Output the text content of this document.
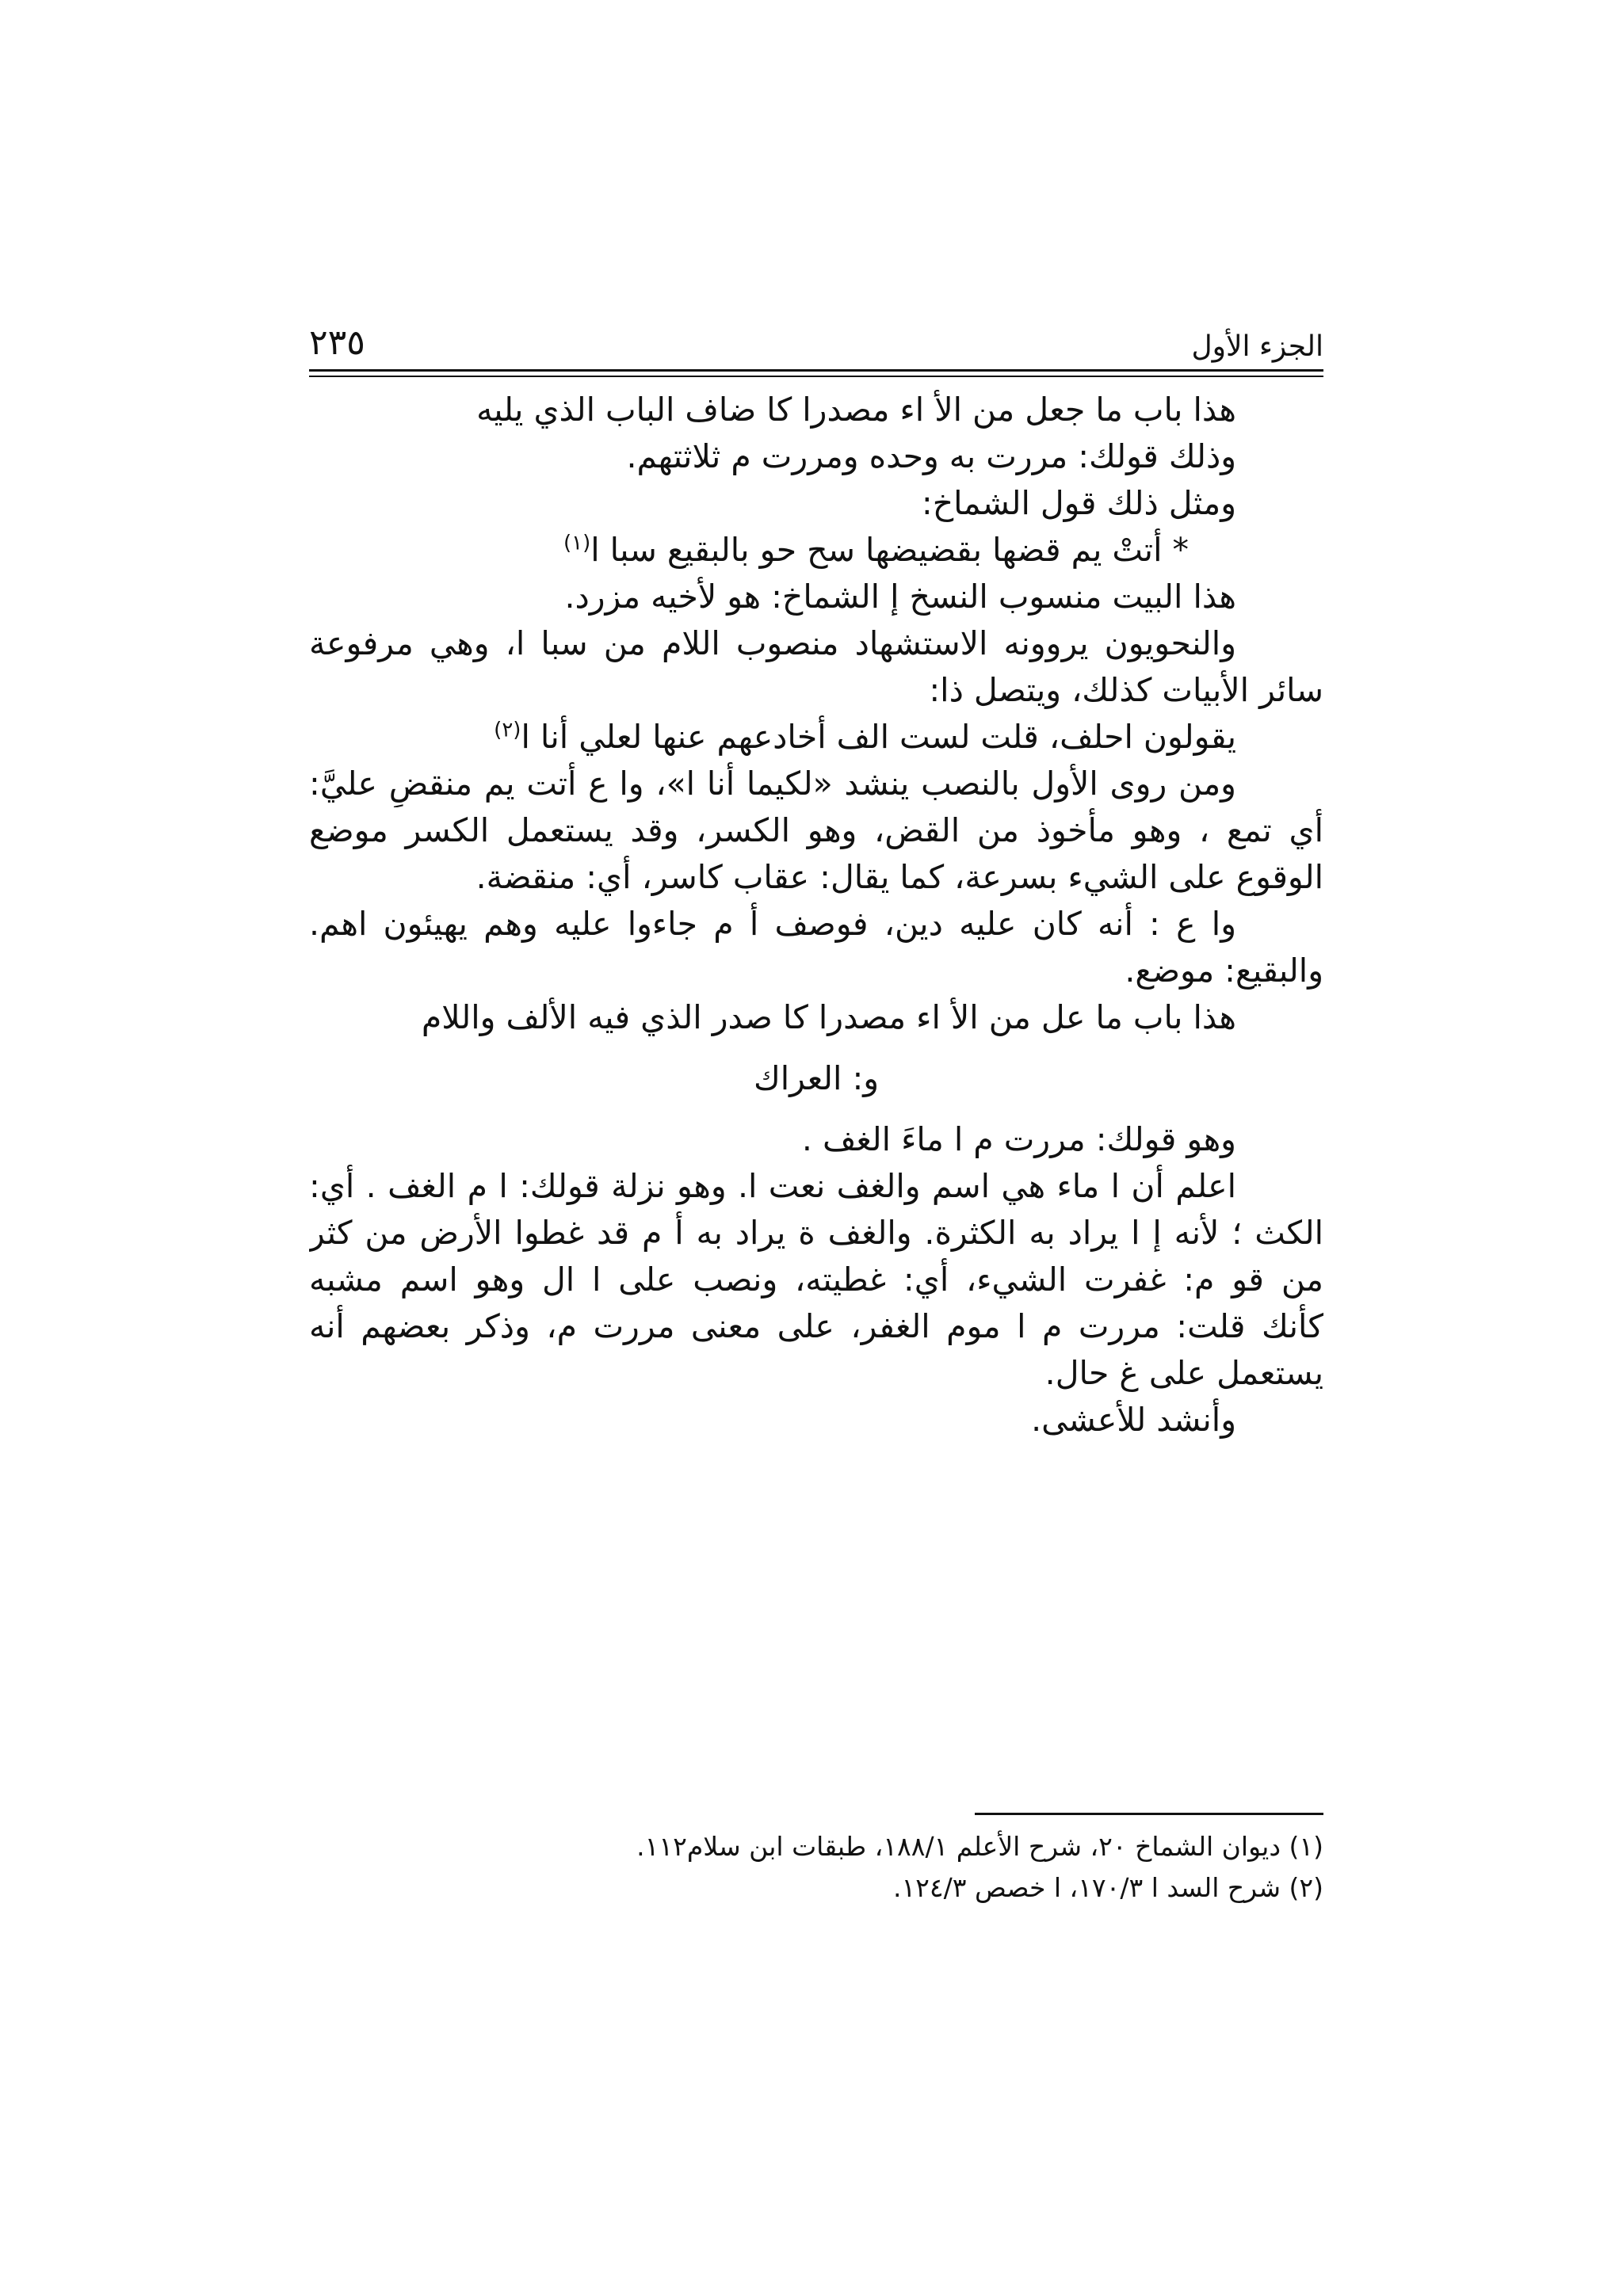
٢٣٥	الجزء الأول
هذا باب ما جعل من الأ اء مصدرا كا ضاف الباب الذي يليه
وذلك قولك: مررت به وحده ومررت م ثلاثتهم.
ومثل ذلك قول الشماخ:
* أتتْ يم قضها بقضيضها سح حو بالبقيع سبا ا$^{(١)}$
هذا البيت منسوب النسخ إ الشماخ: هو لأخيه مزرد.
والنحويون يروونه الاستشهاد منصوب اللام من سبا ا، وهي مرفوعة
سائر الأبيات كذلك، ويتصل ذا:
يقولون احلف، قلت لست الف أخادعهم عنها لعلي أنا ا$^{(٢)}$
ومن روى الأول بالنصب ينشد «لكيما أنا ا»، وا ع أتت يم منقضٍ عليَّ:
أي تمع ، وهو مأخوذ من القض، وهو الكسر، وقد يستعمل الكسر موضع
الوقوع على الشيء بسرعة، كما يقال: عقاب كاسر، أي: منقضة.
وا ع : أنه كان عليه دين، فوصف أ م جاءوا عليه وهم يهيئون اهم.
والبقيع: موضع.
هذا باب ما عل من الأ اء مصدرا كا صدر الذي فيه الألف واللام
و: العراك
وهو قولك: مررت م ا ماءَ الغف .
اعلم أن ا ماء هي اسم والغف نعت ا. وهو نزلة قولك: ا م الغف . أي:
الكث ؛ لأنه إ ا يراد به الكثرة. والغف ة يراد به أ م قد غطوا الأرض من كثر
من قو م: غفرت الشيء، أي: غطيته، ونصب على ا ال وهو اسم مشبه
كأنك قلت: مررت م ا موم الغفر، على معنى مررت م، وذكر بعضهم أنه
يستعمل على غ حال.
وأنشد للأعشى.
(١) ديوان الشماخ ٢٠، شرح الأعلم ١٨٨/١، طبقات ابن سلام١١٢.
(٢) شرح السد ا ١٧٠/٣، ا خصص ١٢٤/٣.
